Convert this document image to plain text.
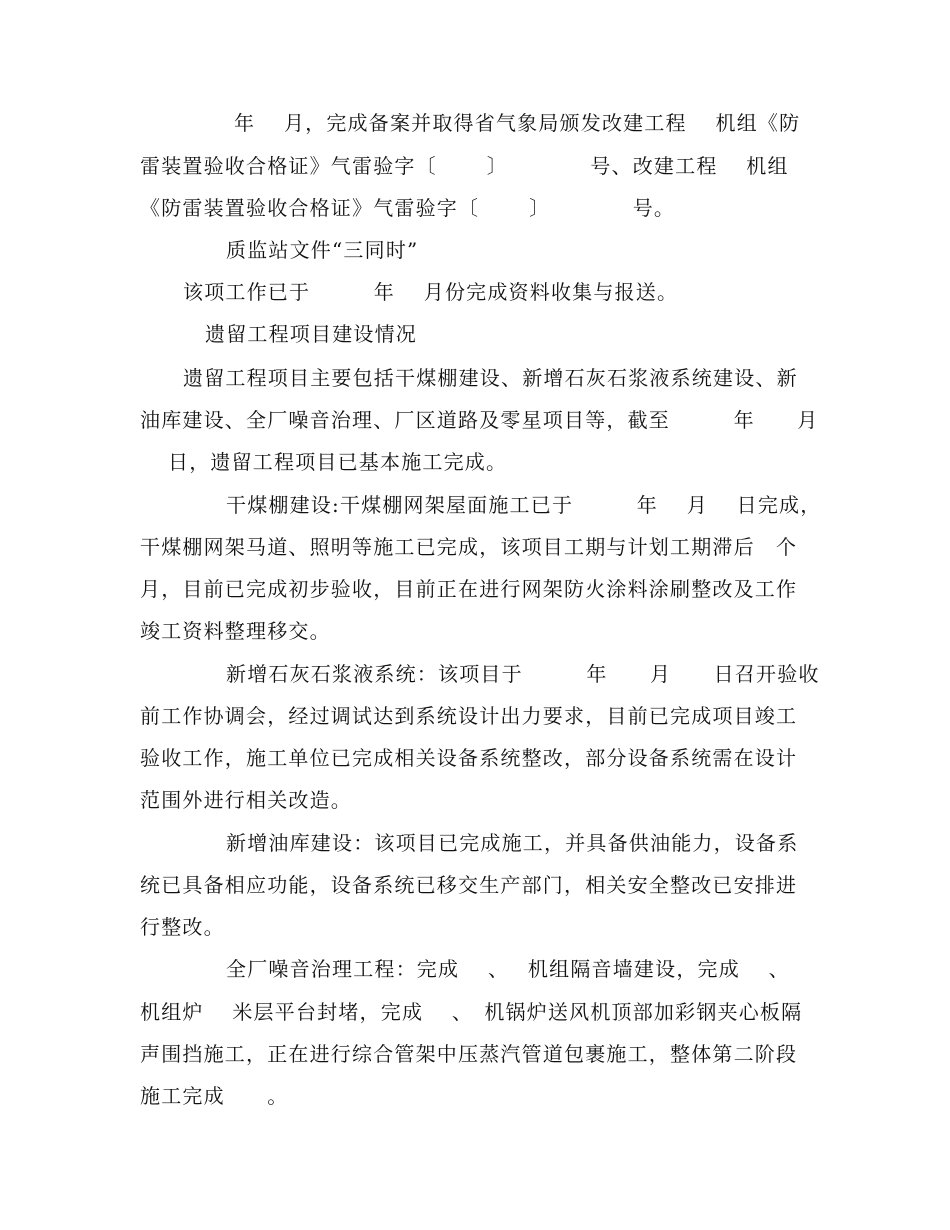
年　 月，完成备案并取得省气象局颁发改建工程　 机组《防
雷装置验收合格证》气雷验字〔　　 〕　　　　 号、改建工程　 机组
《防雷装置验收合格证》气雷验字〔　　 〕　　　　 号。
质监站文件“三同时”
该项工作已于　　　年　 月份完成资料收集与报送。
遗留工程项目建设情况
遗留工程项目主要包括干煤棚建设、新增石灰石浆液系统建设、新
油库建设、全厂噪音治理、厂区道路及零星项目等，截至　　　年　　月
日，遗留工程项目已基本施工完成。
干煤棚建设:干煤棚网架屋面施工已于　　　年　 月　 日完成，
干煤棚网架马道、照明等施工已完成，该项目工期与计划工期滞后　个
月，目前已完成初步验收，目前正在进行网架防火涂料涂刷整改及工作
竣工资料整理移交。
新增石灰石浆液系统：该项目于　　　年　　月　　日召开验收
前工作协调会，经过调试达到系统设计出力要求，目前已完成项目竣工
验收工作，施工单位已完成相关设备系统整改，部分设备系统需在设计
范围外进行相关改造。
新增油库建设：该项目已完成施工，并具备供油能力，设备系
统已具备相应功能，设备系统已移交生产部门，相关安全整改已安排进
行整改。
全厂噪音治理工程：完成　 、　 机组隔音墙建设，完成　 、
机组炉　 米层平台封堵，完成　 、　机锅炉送风机顶部加彩钢夹心板隔
声围挡施工，正在进行综合管架中压蒸汽管道包裹施工，整体第二阶段
施工完成　　。
